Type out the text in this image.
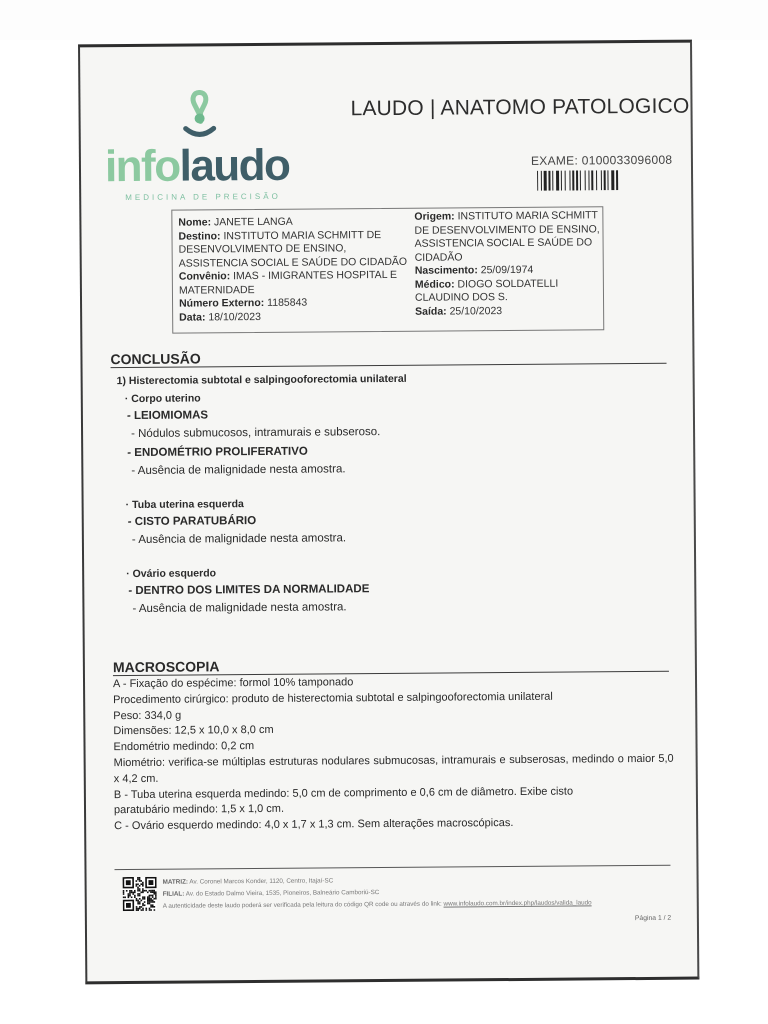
infolaudo
MEDICINA DE PRECISÃO
LAUDO | ANATOMO PATOLOGICO
EXAME: 0100033096008
Nome: JANETE LANGA
Destino: INSTITUTO MARIA SCHMITT DE DESENVOLVIMENTO DE ENSINO, ASSISTENCIA SOCIAL E SAÚDE DO CIDADÃO
Convênio: IMAS - IMIGRANTES HOSPITAL E MATERNIDADE
Número Externo: 1185843
Data: 18/10/2023
Origem: INSTITUTO MARIA SCHMITT DE DESENVOLVIMENTO DE ENSINO, ASSISTENCIA SOCIAL E SAÚDE DO CIDADÃO
Nascimento: 25/09/1974
Médico: DIOGO SOLDATELLI CLAUDINO DOS S.
Saída: 25/10/2023
CONCLUSÃO
1) Histerectomia subtotal e salpingooforectomia unilateral
· Corpo uterino
- LEIOMIOMAS
- Nódulos submucosos, intramurais e subseroso.
- ENDOMÉTRIO PROLIFERATIVO
- Ausência de malignidade nesta amostra.
· Tuba uterina esquerda
- CISTO PARATUBÁRIO
- Ausência de malignidade nesta amostra.
· Ovário esquerdo
- DENTRO DOS LIMITES DA NORMALIDADE
- Ausência de malignidade nesta amostra.
MACROSCOPIA
A - Fixação do espécime: formol 10% tamponado
Procedimento cirúrgico: produto de histerectomia subtotal e salpingooforectomia unilateral
Peso: 334,0 g
Dimensões: 12,5 x 10,0 x 8,0 cm
Endométrio medindo: 0,2 cm
Miométrio: verifica-se múltiplas estruturas nodulares submucosas, intramurais e subserosas, medindo o maior 5,0 x 4,2 cm.
B - Tuba uterina esquerda medindo: 5,0 cm de comprimento e 0,6 cm de diâmetro. Exibe cisto
paratubário medindo: 1,5 x 1,0 cm.
C - Ovário esquerdo medindo: 4,0 x 1,7 x 1,3 cm. Sem alterações macroscópicas.
MATRIZ: Av. Coronel Marcos Konder, 1120, Centro, Itajaí-SC
FILIAL: Av. do Estado Dalmo Vieira, 1535, Pioneiros, Balneário Camboriú-SC
A autenticidade deste laudo poderá ser verificada pela leitura do código QR code ou através do link: www.infolaudo.com.br/index.php/laudos/valida_laudo
Página 1 / 2
